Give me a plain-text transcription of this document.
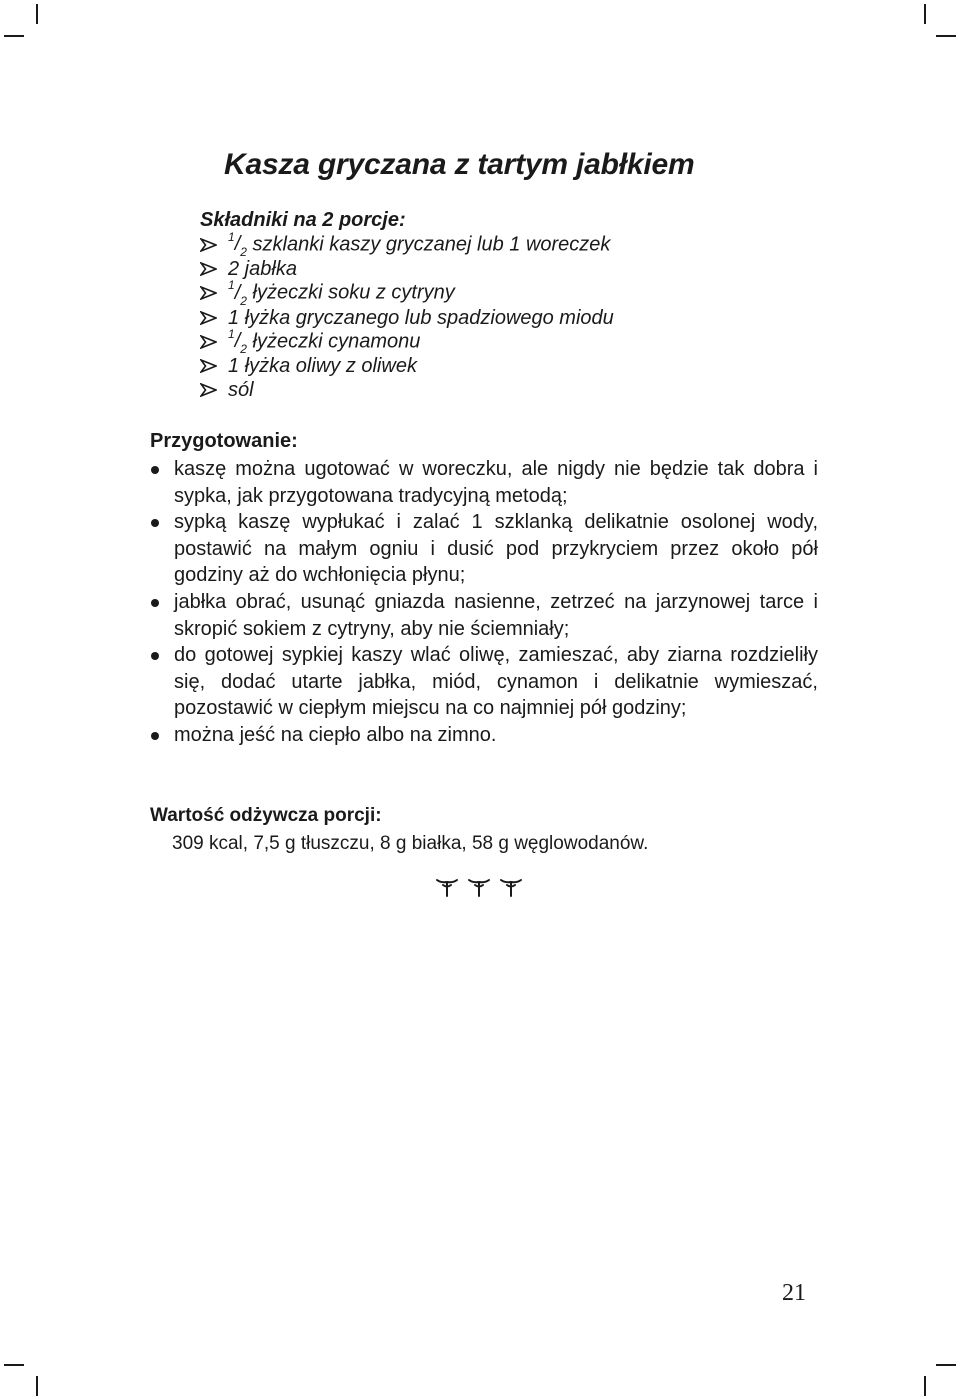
Kasza gryczana z tartym jabłkiem
Składniki na 2 porcje:
$^1/_2$ szklanki kaszy gryczanej lub 1 woreczek
2 jabłka
$^1/_2$ łyżeczki soku z cytryny
1 łyżka gryczanego lub spadziowego miodu
$^1/_2$ łyżeczki cynamonu
1 łyżka oliwy z oliwek
sól
Przygotowanie:
kaszę można ugotować w woreczku, ale nigdy nie będzie tak dobra i sypka, jak przygotowana tradycyjną metodą;
sypką kaszę wypłukać i zalać 1 szklanką delikatnie osolonej wody, postawić na małym ogniu i dusić pod przykryciem przez około pół godziny aż do wchłonięcia płynu;
jabłka obrać, usunąć gniazda nasienne, zetrzeć na jarzynowej tarce i skropić sokiem z cytryny, aby nie ściemniały;
do gotowej sypkiej kaszy wlać oliwę, zamieszać, aby ziarna rozdzieliły się, dodać utarte jabłka, miód, cynamon i delikatnie wymieszać, pozostawić w ciepłym miejscu na co najmniej pół godziny;
można jeść na ciepło albo na zimno.
Wartość odżywcza porcji:
309 kcal, 7,5 g tłuszczu, 8 g białka, 58 g węglowodanów.
21
